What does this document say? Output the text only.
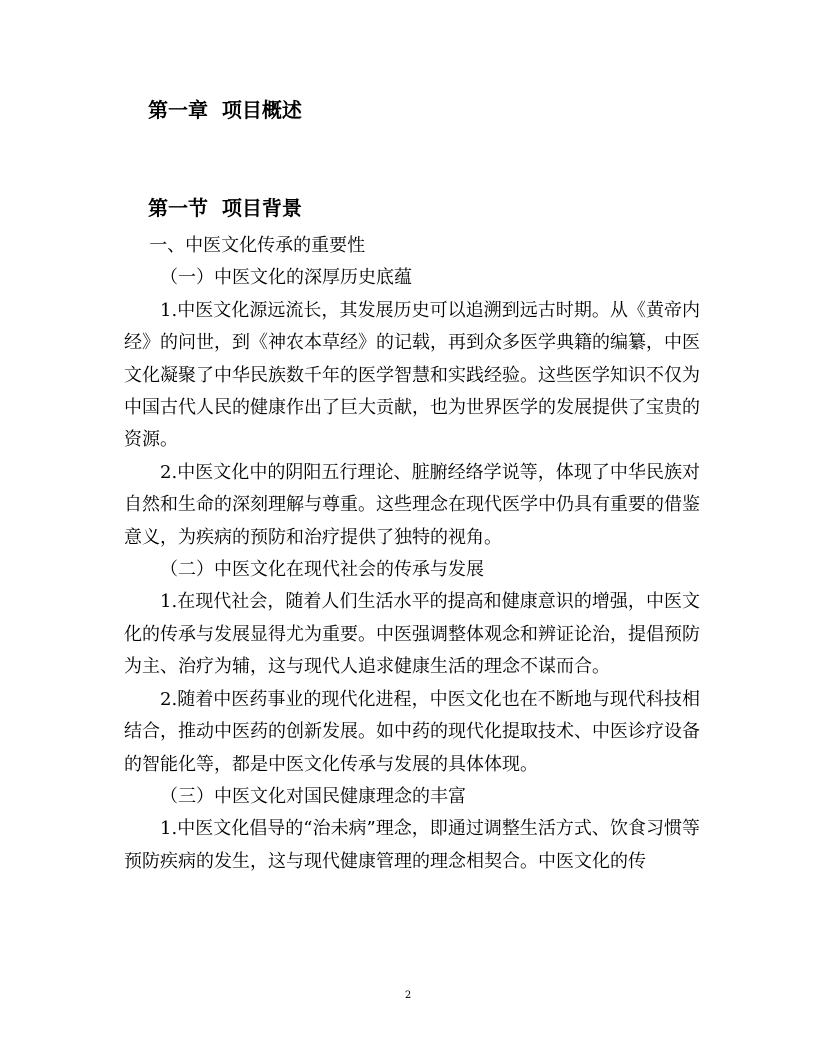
第一章  项目概述
第一节  项目背景

一、中医文化传承的重要性

（一）中医文化的深厚历史底蕴

1.中医文化源远流长，其发展历史可以追溯到远古时期。从《黄帝内经》的问世，到《神农本草经》的记载，再到众多医学典籍的编纂，中医文化凝聚了中华民族数千年的医学智慧和实践经验。这些医学知识不仅为中国古代人民的健康作出了巨大贡献，也为世界医学的发展提供了宝贵的资源。

2.中医文化中的阴阳五行理论、脏腑经络学说等，体现了中华民族对自然和生命的深刻理解与尊重。这些理念在现代医学中仍具有重要的借鉴意义，为疾病的预防和治疗提供了独特的视角。

（二）中医文化在现代社会的传承与发展

1.在现代社会，随着人们生活水平的提高和健康意识的增强，中医文化的传承与发展显得尤为重要。中医强调整体观念和辨证论治，提倡预防为主、治疗为辅，这与现代人追求健康生活的理念不谋而合。

2.随着中医药事业的现代化进程，中医文化也在不断地与现代科技相结合，推动中医药的创新发展。如中药的现代化提取技术、中医诊疗设备的智能化等，都是中医文化传承与发展的具体体现。

（三）中医文化对国民健康理念的丰富

1.中医文化倡导的“治未病”理念，即通过调整生活方式、饮食习惯等预防疾病的发生，这与现代健康管理的理念相契合。中医文化的传

2
